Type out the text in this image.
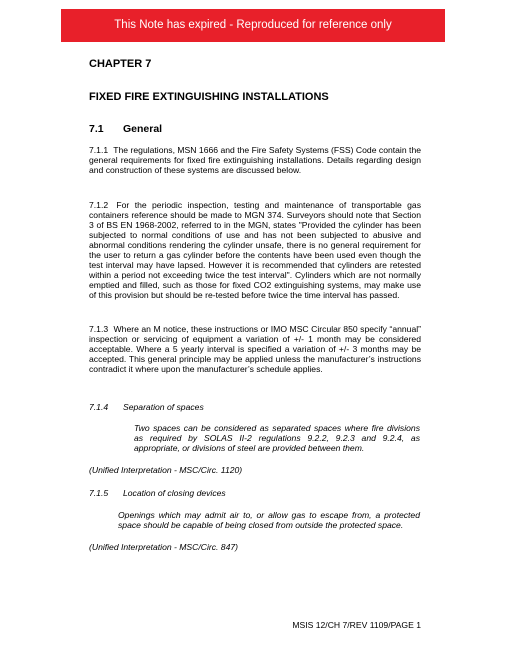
This Note has expired - Reproduced for reference only
CHAPTER 7
FIXED FIRE EXTINGUISHING INSTALLATIONS
7.1 General
7.1.1 The regulations, MSN 1666 and the Fire Safety Systems (FSS) Code contain the general requirements for fixed fire extinguishing installations. Details regarding design and construction of these systems are discussed below.
7.1.2 For the periodic inspection, testing and maintenance of transportable gas containers reference should be made to MGN 374. Surveyors should note that Section 3 of BS EN 1968-2002, referred to in the MGN, states "Provided the cylinder has been subjected to normal conditions of use and has not been subjected to abusive and abnormal conditions rendering the cylinder unsafe, there is no general requirement for the user to return a gas cylinder before the contents have been used even though the test interval may have lapsed. However it is recommended that cylinders are retested within a period not exceeding twice the test interval". Cylinders which are not normally emptied and filled, such as those for fixed CO2 extinguishing systems, may make use of this provision but should be re-tested before twice the time interval has passed.
7.1.3 Where an M notice, these instructions or IMO MSC Circular 850 specify “annual” inspection or servicing of equipment a variation of +/- 1 month may be considered acceptable. Where a 5 yearly interval is specified a variation of +/- 3 months may be accepted. This general principle may be applied unless the manufacturer’s instructions contradict it where upon the manufacturer’s schedule applies.
7.1.4 Separation of spaces
7.1.5 Location of closing devices
Two spaces can be considered as separated spaces where fire divisions as required by SOLAS II-2 regulations 9.2.2, 9.2.3 and 9.2.4, as appropriate, or divisions of steel are provided between them.
(Unified Interpretation - MSC/Circ. 1120)
Openings which may admit air to, or allow gas to escape from, a protected space should be capable of being closed from outside the protected space.
(Unified Interpretation - MSC/Circ. 847)
MSIS 12/CH 7/REV 1109/PAGE 1
